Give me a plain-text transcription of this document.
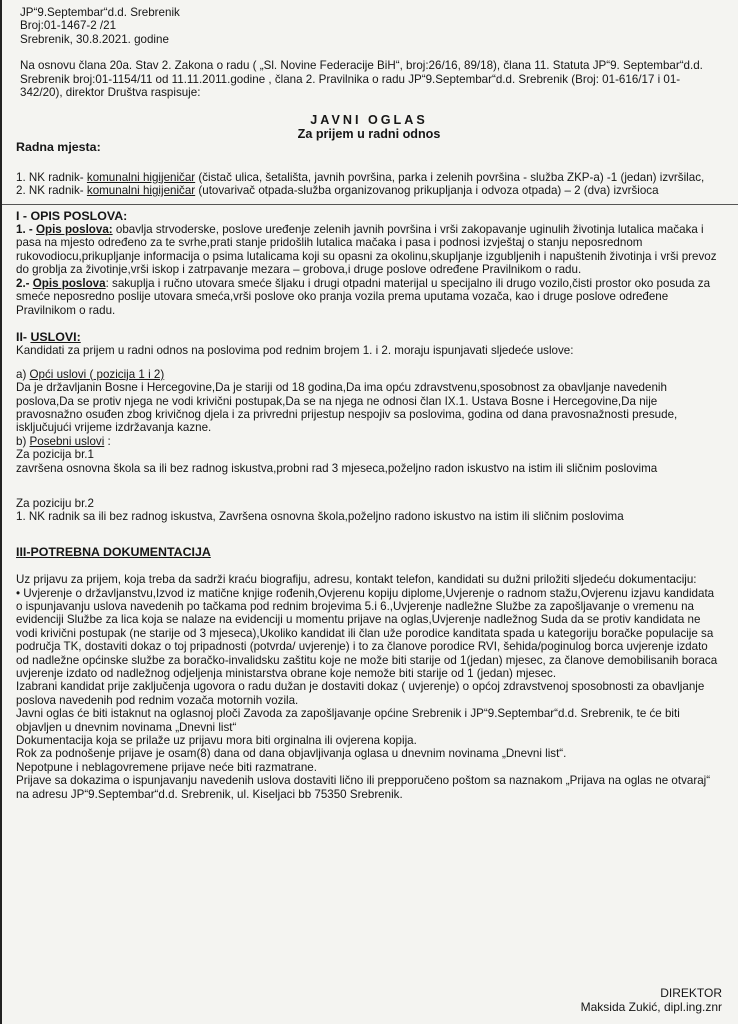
JP“9.Septembar“d.d. Srebrenik
Broj:01-1467-2 /21
Srebrenik, 30.8.2021. godine

Na osnovu člana 20a. Stav 2. Zakona o radu ( „Sl. Novine Federacije BiH“, broj:26/16, 89/18), člana 11. Statuta JP“9. Septembar“d.d. Srebrenik broj:01-1154/11 od 11.11.2011.godine , člana 2. Pravilnika o radu JP“9.Septembar“d.d. Srebrenik (Broj: 01-616/17 i 01-342/20), direktor Društva raspisuje:

JAVNI OGLAS
Za prijem u radni odnos
Radna mjesta:

1. NK radnik- komunalni higijeničar (čistač ulica, šetališta, javnih površina, parka i zelenih površina - služba ZKP-a) -1 (jedan) izvršilac,

2. NK radnik- komunalni higijeničar (utovarivač otpada-služba organizovanog prikupljanja i odvoza otpada) – 2 (dva) izvršioca

I - OPIS POSLOVA:

1. - Opis poslova: obavlja strvoderske, poslove uređenje zelenih javnih površina i vrši zakopavanje uginulih životinja lutalica mačaka i pasa na mjesto određeno za te svrhe,prati stanje pridošlih lutalica mačaka i pasa i podnosi izvještaj o stanju neposrednom rukovodiocu,prikupljanje informacija o psima lutalicama koji su opasni za okolinu,skupljanje izgubljenih i napuštenih životinja i vrši prevoz do groblja za životinje,vrši iskop i zatrpavanje mezara – grobova,i druge poslove određene Pravilnikom o radu.

2.- Opis poslova: sakuplja i ručno utovara smeće šljaku i drugi otpadni materijal u specijalno ili drugo vozilo,čisti prostor oko posuda za smeće neposredno poslije utovara smeća,vrši poslove oko pranja vozila prema uputama vozača, kao i druge poslove određene Pravilnikom o radu.

II- USLOVI:

Kandidati za prijem u radni odnos na poslovima pod rednim brojem 1. i 2. moraju ispunjavati sljedeće uslove:

a) Opći uslovi ( pozicija 1 i 2)

Da je državljanin Bosne i Hercegovine,Da je stariji od 18 godina,Da ima opću zdravstvenu,sposobnost za obavljanje navedenih poslova,Da se protiv njega ne vodi krivični postupak,Da se na njega ne odnosi član IX.1. Ustava Bosne i Hercegovine,Da nije pravosnažno osuđen zbog krivičnog djela i za privredni prijestup nespojiv sa poslovima, godina od dana pravosnažnosti presude, isključujući vrijeme izdržavanja kazne.

b) Posebni uslovi :

Za pozicija br.1

završena osnovna škola sa ili bez radnog iskustva,probni rad 3 mjeseca,poželjno radon iskustvo na istim ili sličnim poslovima

Za poziciju br.2

1. NK radnik sa ili bez radnog iskustva, Završena osnovna škola,poželjno radono iskustvo na istim ili sličnim poslovima

III-POTREBNA DOKUMENTACIJA

Uz prijavu za prijem, koja treba da sadrži kraću biografiju, adresu, kontakt telefon, kandidati su dužni priložiti sljedeću dokumentaciju:

• Uvjerenje o državljanstvu,Izvod iz matične knjige rođenih,Ovjerenu kopiju diplome,Uvjerenje o radnom stažu,Ovjerenu izjavu kandidata o ispunjavanju uslova navedenih po tačkama pod rednim brojevima 5.i 6.,Uvjerenje nadležne Službe za zapošljavanje o vremenu na evidenciji Službe za lica koja se nalaze na evidenciji u momentu prijave na oglas,Uvjerenje nadležnog Suda da se protiv kandidata ne vodi krivični postupak (ne starije od 3 mjeseca),Ukoliko kandidat ili član uže porodice kanditata spada u kategoriju boračke populacije sa područja TK, dostaviti dokaz o toj pripadnosti (potvrda/ uvjerenje) i to za članove porodice RVI, šehida/poginulog borca uvjerenje izdato od nadležne općinske službe za boračko-invalidsku zaštitu koje ne može biti starije od 1(jedan) mjesec, za članove demobilisanih boraca uvjerenje izdato od nadležnog odjeljenja ministarstva obrane koje nemože biti starije od 1 (jedan) mjesec.

Izabrani kandidat prije zaključenja ugovora o radu dužan je dostaviti dokaz ( uvjerenje) o općoj zdravstvenoj sposobnosti za obavljanje poslova navedenih pod rednim vozača motornih vozila.

Javni oglas će biti istaknut na oglasnoj ploči Zavoda za zapošljavanje općine Srebrenik i JP“9.Septembar“d.d. Srebrenik, te će biti objavljen u dnevnim novinama „Dnevni list“

Dokumentacija koja se prilaže uz prijavu mora biti orginalna ili ovjerena kopija.

Rok za podnošenje prijave je osam(8) dana od dana objavljivanja oglasa u dnevnim novinama „Dnevni list“.

Nepotpune i neblagovremene prijave neće biti razmatrane.

Prijave sa dokazima o ispunjavanju navedenih uslova dostaviti lično ili prepporučeno poštom sa naznakom „Prijava na oglas ne otvaraj“ na adresu JP“9.Septembar“d.d. Srebrenik, ul. Kiseljaci bb 75350 Srebrenik.

DIREKTOR
Maksida Zukić, dipl.ing.znr
